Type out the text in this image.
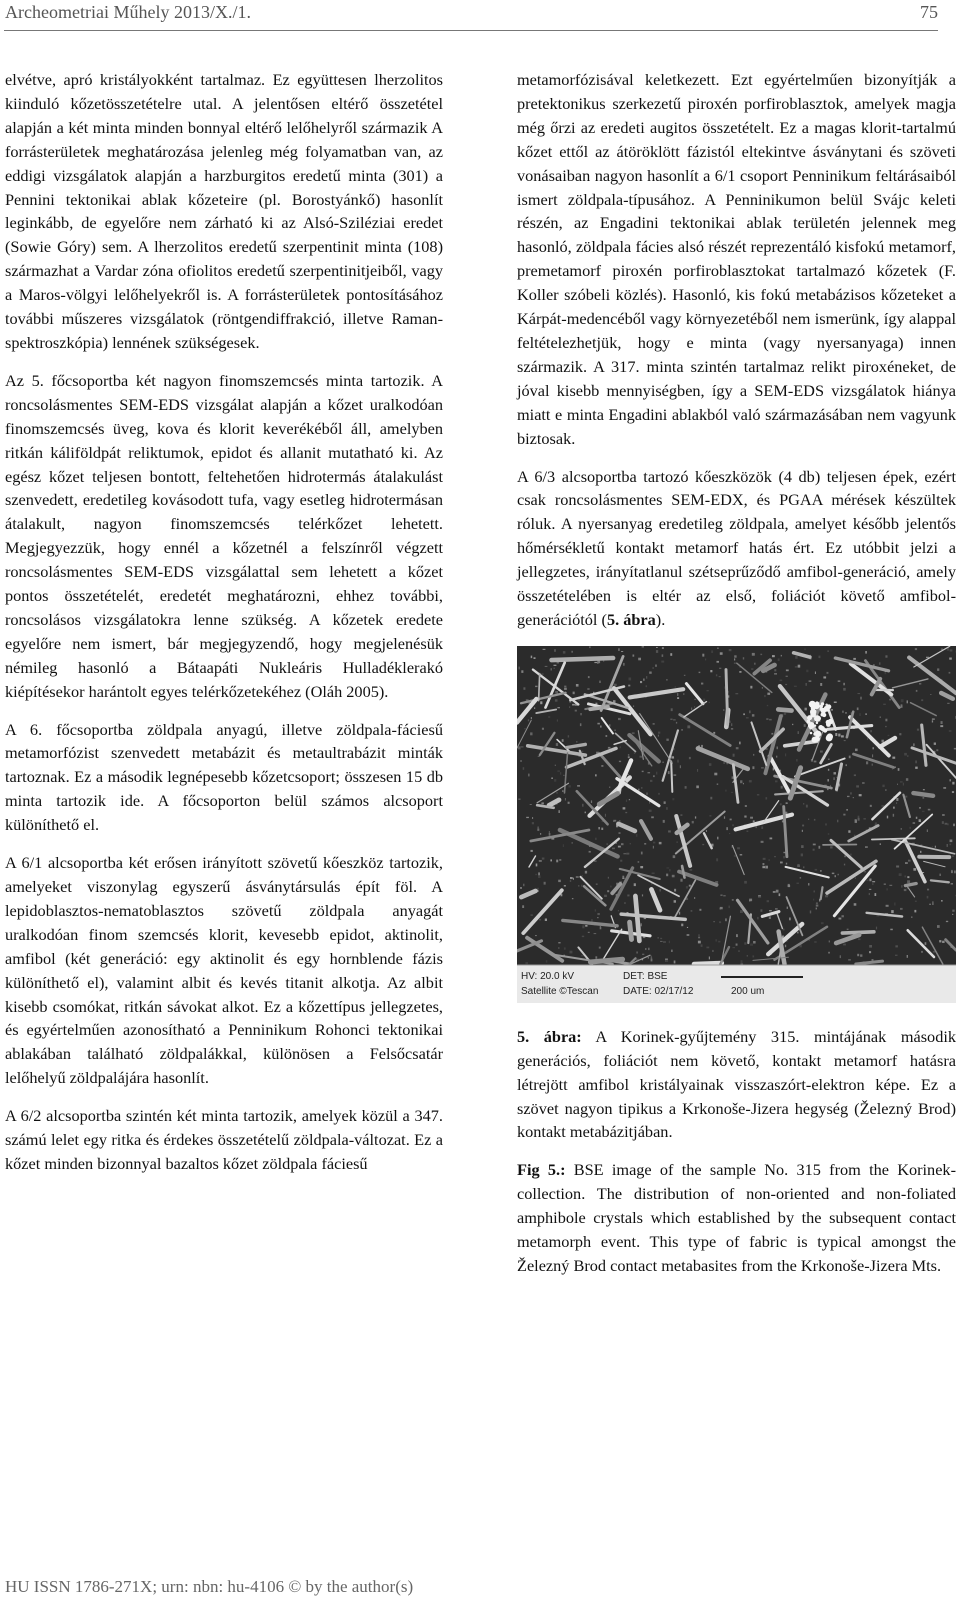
Archeometriai Műhely 2013/X./1.	75

elvétve, apró kristályokként tartalmaz. Ez együttesen lherzolitos kiinduló kőzetösszetételre utal. A jelentősen eltérő összetétel alapján a két minta minden bonnyal eltérő lelőhelyről származik A forrásterületek meghatározása jelenleg még folyamatban van, az eddigi vizsgálatok alapján a harzburgitos eredetű minta (301) a Pennini tektonikai ablak kőzeteire (pl. Borostyánkő) hasonlít leginkább, de egyelőre nem zárható ki az Alsó-Sziléziai eredet (Sowie Góry) sem. A lherzolitos eredetű szerpentinit minta (108) származhat a Vardar zóna ofiolitos eredetű szerpentinitjeiből, vagy a Maros-völgyi lelőhelyekről is. A forrásterületek pontosításához további műszeres vizsgálatok (röntgendiffrakció, illetve Raman-spektroszkópia) lennének szükségesek.

Az 5. főcsoportba két nagyon finomszemcsés minta tartozik. A roncsolásmentes SEM-EDS vizsgálat alapján a kőzet uralkodóan finomszemcsés üveg, kova és klorit keverékéből áll, amelyben ritkán káliföldpát reliktumok, epidot és allanit mutatható ki. Az egész kőzet teljesen bontott, feltehetően hidrotermás átalakulást szenvedett, eredetileg kovásodott tufa, vagy esetleg hidrotermásan átalakult, nagyon finomszemcsés telérkőzet lehetett. Megjegyezzük, hogy ennél a kőzetnél a felszínről végzett roncsolásmentes SEM-EDS vizsgálattal sem lehetett a kőzet pontos összetételét, eredetét meghatározni, ehhez további, roncsolásos vizsgálatokra lenne szükség. A kőzetek eredete egyelőre nem ismert, bár megjegyzendő, hogy megjelenésük némileg hasonló a Bátaapáti Nukleáris Hulladéklerakó kiépítésekor harántolt egyes telérkőzetekéhez (Oláh 2005).

A 6. főcsoportba zöldpala anyagú, illetve zöldpala-fáciesű metamorfózist szenvedett metabázit és metaultrabázit minták tartoznak. Ez a második legnépesebb kőzetcsoport; összesen 15 db minta tartozik ide. A főcsoporton belül számos alcsoport különíthető el.

A 6/1 alcsoportba két erősen irányított szövetű kőeszköz tartozik, amelyeket viszonylag egyszerű ásványtársulás épít föl. A lepidoblasztos-nematoblasztos szövetű zöldpala anyagát uralkodóan finom szemcsés klorit, kevesebb epidot, aktinolit, amfibol (két generáció: egy aktinolit és egy hornblende fázis különíthető el), valamint albit és kevés titanit alkotja. Az albit kisebb csomókat, ritkán sávokat alkot. Ez a kőzettípus jellegzetes, és egyértelműen azonosítható a Penninikum Rohonci tektonikai ablakában található zöldpalákkal, különösen a Felsőcsatár lelőhelyű zöldpalájára hasonlít.

A 6/2 alcsoportba szintén két minta tartozik, amelyek közül a 347. számú lelet egy ritka és érdekes összetételű zöldpala-változat. Ez a kőzet minden bizonnyal bazaltos kőzet zöldpala fáciesű

metamorfózisával keletkezett. Ezt egyértelműen bizonyítják a pretektonikus szerkezetű piroxén porfiroblasztok, amelyek magja még őrzi az eredeti augitos összetételt. Ez a magas klorit-tartalmú kőzet ettől az átöröklött fázistól eltekintve ásványtani és szöveti vonásaiban nagyon hasonlít a 6/1 csoport Penninikum feltárásaiból ismert zöldpala-típusához. A Penninikumon belül Svájc keleti részén, az Engadini tektonikai ablak területén jelennek meg hasonló, zöldpala fácies alsó részét reprezentáló kisfokú metamorf, premetamorf piroxén porfiroblasztokat tartalmazó kőzetek (F. Koller szóbeli közlés). Hasonló, kis fokú metabázisos kőzeteket a Kárpát-medencéből vagy környezetéből nem ismerünk, így alappal feltételezhetjük, hogy e minta (vagy nyersanyaga) innen származik. A 317. minta szintén tartalmaz relikt piroxéneket, de jóval kisebb mennyiségben, így a SEM-EDS vizsgálatok hiánya miatt e minta Engadini ablakból való származásában nem vagyunk biztosak.

A 6/3 alcsoportba tartozó kőeszközök (4 db) teljesen épek, ezért csak roncsolásmentes SEM-EDX, és PGAA mérések készültek róluk. A nyersanyag eredetileg zöldpala, amelyet később jelentős hőmérsékletű kontakt metamorf hatás ért. Ez utóbbit jelzi a jellegzetes, irányítatlanul szétseprűződő amfibol-generáció, amely összetételében is eltér az első, foliációt követő amfibol-generációtól (5. ábra).

HV: 20.0 kV
Satellite ©Tescan
DET: BSE
DATE: 02/17/12	200 um

5. ábra: A Korinek-gyűjtemény 315. mintájának második generációs, foliációt nem követő, kontakt metamorf hatásra létrejött amfibol kristályainak visszaszórt-elektron képe. Ez a szövet nagyon tipikus a Krkonoše-Jizera hegység (Železný Brod) kontakt metabázitjában.

Fig 5.: BSE image of the sample No. 315 from the Korinek-collection. The distribution of non-oriented and non-foliated amphibole crystals which established by the subsequent contact metamorph event. This type of fabric is typical amongst the Železný Brod contact metabasites from the Krkonoše-Jizera Mts.

HU ISSN 1786-271X; urn: nbn: hu-4106 © by the author(s)
